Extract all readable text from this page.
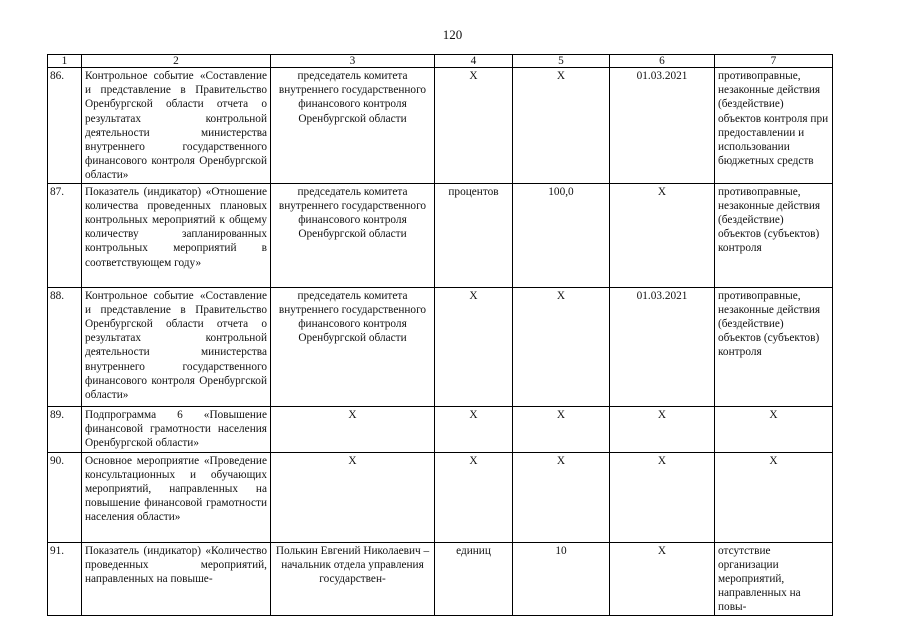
120
1	2	3	4	5	6	7
86.	Контрольное событие «Составление и представление в Правительство Оренбургской области отчета о результатах контрольной деятельности министерства внутреннего государственного финансового контроля Оренбургской области»	председатель комитета внутреннего государственного финансового контроля Оренбургской области	Х	Х	01.03.2021	противоправные, незаконные действия (бездействие) объектов контроля при предоставлении и использовании бюджетных средств
87.	Показатель (индикатор) «Отношение количества проведенных плановых контрольных мероприятий к общему количеству запланированных контрольных мероприятий в соответствующем году»	председатель комитета внутреннего государственного финансового контроля Оренбургской области	процентов	100,0	Х	противоправные, незаконные действия (бездействие) объектов (субъектов) контроля
88.	Контрольное событие «Составление и представление в Правительство Оренбургской области отчета о результатах контрольной деятельности министерства внутреннего государственного финансового контроля Оренбургской области»	председатель комитета внутреннего государственного финансового контроля Оренбургской области	Х	Х	01.03.2021	противоправные, незаконные действия (бездействие) объектов (субъектов) контроля
89.	Подпрограмма 6 «Повышение финансовой грамотности населения Оренбургской области»	Х	Х	Х	Х	Х
90.	Основное мероприятие «Проведение консультационных и обучающих мероприятий, направленных на повышение финансовой грамотности населения области»	Х	Х	Х	Х	Х
91.	Показатель (индикатор) «Количество проведенных мероприятий, направленных на повыше-	Полькин Евгений Николаевич – начальник отдела управления государствен-	единиц	10	Х	отсутствие организации мероприятий, направленных на повы-
